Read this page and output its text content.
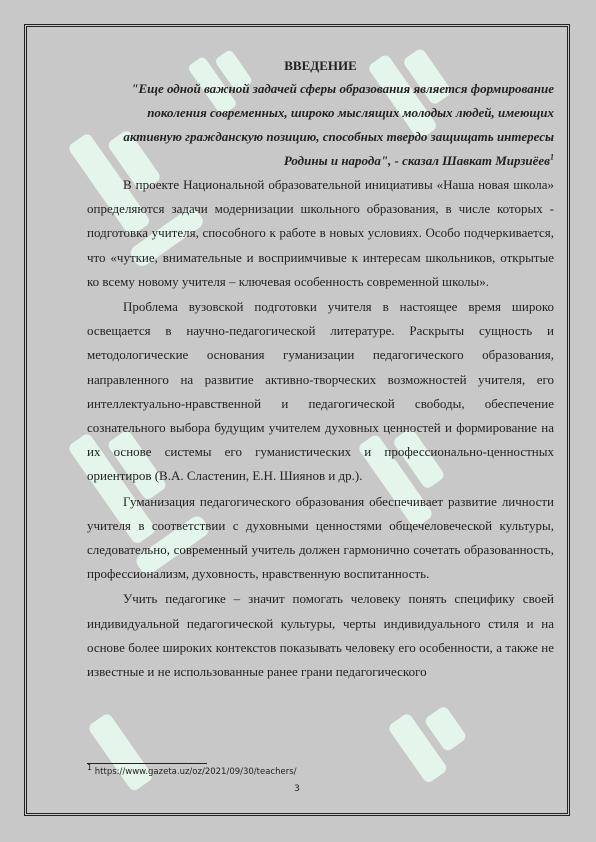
ВВЕДЕНИЕ

"Еще одной важной задачей сферы образования является формирование поколения современных, широко мыслящих молодых людей, имеющих активную гражданскую позицию, способных твердо защищать интересы Родины и народа", - сказал Шавкат Мирзиёев$^1$

В проекте Национальной образовательной инициативы «Наша новая школа» определяются задачи модернизации школьного образования, в числе которых - подготовка учителя, способного к работе в новых условиях. Особо подчеркивается, что «чуткие, внимательные и восприимчивые к интересам школьников, открытые ко всему новому учителя – ключевая особенность современной школы».

Проблема вузовской подготовки учителя в настоящее время широко освещается в научно-педагогической литературе. Раскрыты сущность и методологические основания гуманизации педагогического образования, направленного на развитие активно-творческих возможностей учителя, его интеллектуально-нравственной и педагогической свободы, обеспечение сознательного выбора будущим учителем духовных ценностей и формирование на их основе системы его гуманистических и профессионально-ценностных ориентиров (В.А. Сластенин, Е.Н. Шиянов и др.).

Гуманизация педагогического образования обеспечивает развитие личности учителя в соответствии с духовными ценностями общечеловеческой культуры, следовательно, современный учитель должен гармонично сочетать образованность, профессионализм, духовность, нравственную воспитанность.

Учить педагогике – значит помогать человеку понять специфику своей индивидуальной педагогической культуры, черты индивидуального стиля и на основе более широких контекстов показывать человеку его особенности, а также не известные и не использованные ранее грани педагогического

$^1$ https://www.gazeta.uz/oz/2021/09/30/teachers/
3
